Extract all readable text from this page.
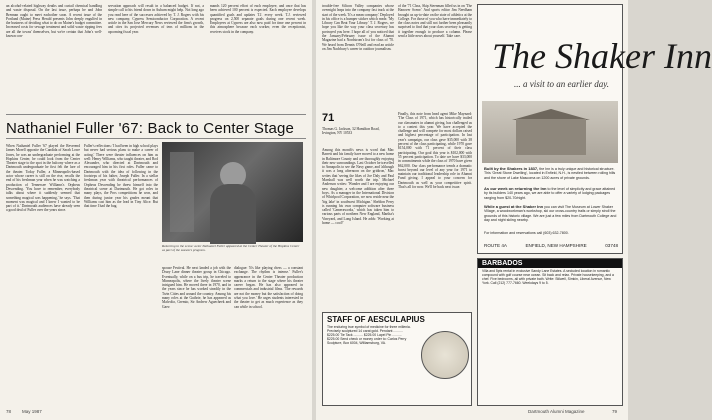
an alcohol-related highway deaths and curtail chemical handling and waste disposal. On the last issue, perhaps he and John Brennan ought to meet eachother soon. A recent issue of the Portland (Maine) Press Herald presents John deeply engulfed in the business of deciding what to do on Maine's budget committee. Increased costs for sewage treatment and solid waste ripping fees are all the towns' themselves, but we're certain that John's well-known con-
servation approach will result in a balanced budget. If not, a simple call to his friend down in Auburn might help. Not long ago you read here of the successes achieved by T. J. Rogers with his new company, Cypress Semiconductor Corporation. A recent article in the San Jose Mercury News reviewed the firm's growth, and cites its projected revenues of tens of millions in the upcoming fiscal year.
mands 120 percent effort of each employee, and once that has been achieved 100 percent is expected. Each employee develops quantified goals and updates T.J. every week. T.J. reviewed progress on 2,500 separate goals during one recent week. Employees at Cypress are also now paid for time one percent in this atmosphere because each worker, even the receptionist, receives stock in the company.
Nathaniel Fuller '67: Back to Center Stage
When Nathaniel Fuller '67 played the Reverend James Morell opposite the Candida of Sarah Lowe Jones, he was an undergraduate performing at the Hopkins Center, he could look from the Center Theater stage to the spot in the balcony where as a Dartmouth undergraduate he first felt the lure of the theater. Today Fuller, a Minneapolis-based actor whose career is still on the rise, recalls the end of his freshman year when he was watching a production of Tennessee Williams's Orpheus Descending. 'You have to remember, everybody talks about where it suddenly seemed that something magical was happening,' he says. 'That moment was magical and I knew I wanted to be part of it.' Dartmouth audiences have already seen a good deal of Fuller over the years since.
Fuller's reflections: 'I had been in high school plays but never had serious plans to make a career of acting.' There were theater influences on him as well: Henry Williams, who taught theater, and Rod Alexander, who directed at Dartmouth and encouraged him in his first roles. Fuller came to Dartmouth with the idea of following in the footsteps of his father, Joseph Fuller. In a stellar freshman year with theatrical performances of Orpheus Descending he threw himself into the theatrical scene at Dartmouth. He got roles in many plays, the Pros competitions he won, and then during junior year his grades meant that Williams cast him as the lead in Tiny Alice. But that time I had the bug.
Returning to the scene: actor Nathaniel Fuller appeared at the Center Theater of the Hopkins Center as part of the season's program.
spouse Festival. He next landed a job with the Drury Lane dinner theater group in Chicago. Eventually, while on a bus trip, he traveled to Minneapolis, where the lively theater scene intrigued him. He moved there in 1970, and in the years since he has worked steadily in the Twin Cities and around the country. Among his many roles at the Guthrie, he has appeared as Malvolio, Gremio, Sir Andrew Aguecheek and Gaev.
dialogue: 'It's like playing chess — a constant exchange. The rhythm is intense.' Fuller's appearance in the Center Theater production marks a return to the stage where his theater career began. He has also appeared in commercials and industrial films. 'The rewards are not the money but the satisfaction of doing what you love.' He urges students interested in the theater to get as much experience as they can while in school.
78 May 1987
trouble-free Silicon Valley companies whose overnight leaps into the company fast track at the start of the week. 'It's a mean company.' Deployed in his office is a bumper sticker which reads: 'My Library Can Beat Your Library.' T. J. Rogers, we hope you like the way your class secretary has portrayed you here. I hope all of you noticed that the January/February issue of the Alumni Magazine had a Nordstrom's list for class of '70. We heard from Dennis O'Neill and read an article on Jim Nachbury's career in outdoor journalism.
of the '71 Class, Skip Steenman filled us in on 'The Hanover Scene.' And sports editor Jim Needham brought us up-to-date on the state of athletics at the College. For those of you who have immediately to the class notes and still not further been pleasantly surprised to find that your class secretary is getting it together enough to produce a column. Please send a little news about yourself. Take care.
71
Thomas G. Jackson, 32 Hamilton Road, Irvington, NY 10533
Among this month's news is word that Mac Barrett and his family have moved to a new home in Baltimore County and are thoroughly enjoying their new surroundings. Last October he travelled to Annapolis to see the Navy game, and 'although it was a long afternoon on the gridiron,' Mac writes that 'seeing the likes of Joe Daly and Paul Marshall was well worth the trip.' Michael Anderson writes: 'Wonder and I are enjoying our new daughter, a welcome addition after three boys. As a manager in the International Division of Whirlpool Corporation, we now reside near the 'big lake' in southwest Michigan.' Sheldon Perry is running his own computer software business called 'Cameraworks,' which has taken him to various parts of northern New England, Martha's Vineyard, and Long Island. He adds: 'Working at home — cool!'
Finally, this note from head agent Mike Maynard: 'The Class of 1971, which has historically trailed our classmates in alumni giving, has challenged us to a contest this year. We have accepted the challenge and will compete for most dollars raised and highest percentage of participation. In last year's campaign, our class gave $35,000 with 38 percent of the class participating, while 1970 gave $154,000 with 71 percent of their class participating. Our goal this year is $102,000 with 55 percent participation. To date we have $33,000 in commitments while the class of 1970 have given $62,000. Our class performance trends a dramatic boost beyond our level of any year for 1971 to maintain our traditional leadership role in Alumni Fund giving. I appeal to your concern for Dartmouth as well as your competitive spirit. That's all for now. We'll be back next issue.
The Shaker Inn
... a visit to an earlier day.
Built by the Shakers in 1837, the Inn is a truly unique and historical structure. This 'Great Stone Dwelling', located in Enfield, N.H., is nestled between rolling hills and the shore of Lake Mascoma on 1200 acres of private grounds.
As our week on returning the Inn to the level of simplicity and grace attained by its builders 140 years ago, we are able to offer a variety of lodging packages ranging from $20-70/night.
While a guest at the Shaker Inn you can visit The Museum at Lower Shaker Village, a woodworkman's workshop, ski our cross-country trails or simply stroll the grounds of this historic village. We are just a few miles from Dartmouth College and day and night skiing nearby.
For information and reservations call (603) 632-7800.
ROUTE 4A	ENFIELD, NEW HAMPSHIRE	03748
STAFF OF AESCULAPIUS
The enduring true symbol of medicine for three millenia. Precisely sculptured 14 carat gold. Pendant .......... $225.00 Tie Tack .......... $225.00 Lapel Pin .......... $225.00 Send check or money order to: Carlos Perry Sculpture, Box 6004, Williamsburg, VA.
BARBADOS
Villa and 5pts rental in exclusive Sandy Lane Estates. A secluded location in romantic compound with golf course near ocean. Sit back and relax. Private housekeeping, and a chef. Five bedrooms, all with private bath. Write: Stilwell, Simkin, Liberal Avenue, New York. Call (212) 777-7660. Weekdays 9 to 5.
Dartmouth Alumni Magazine	79
